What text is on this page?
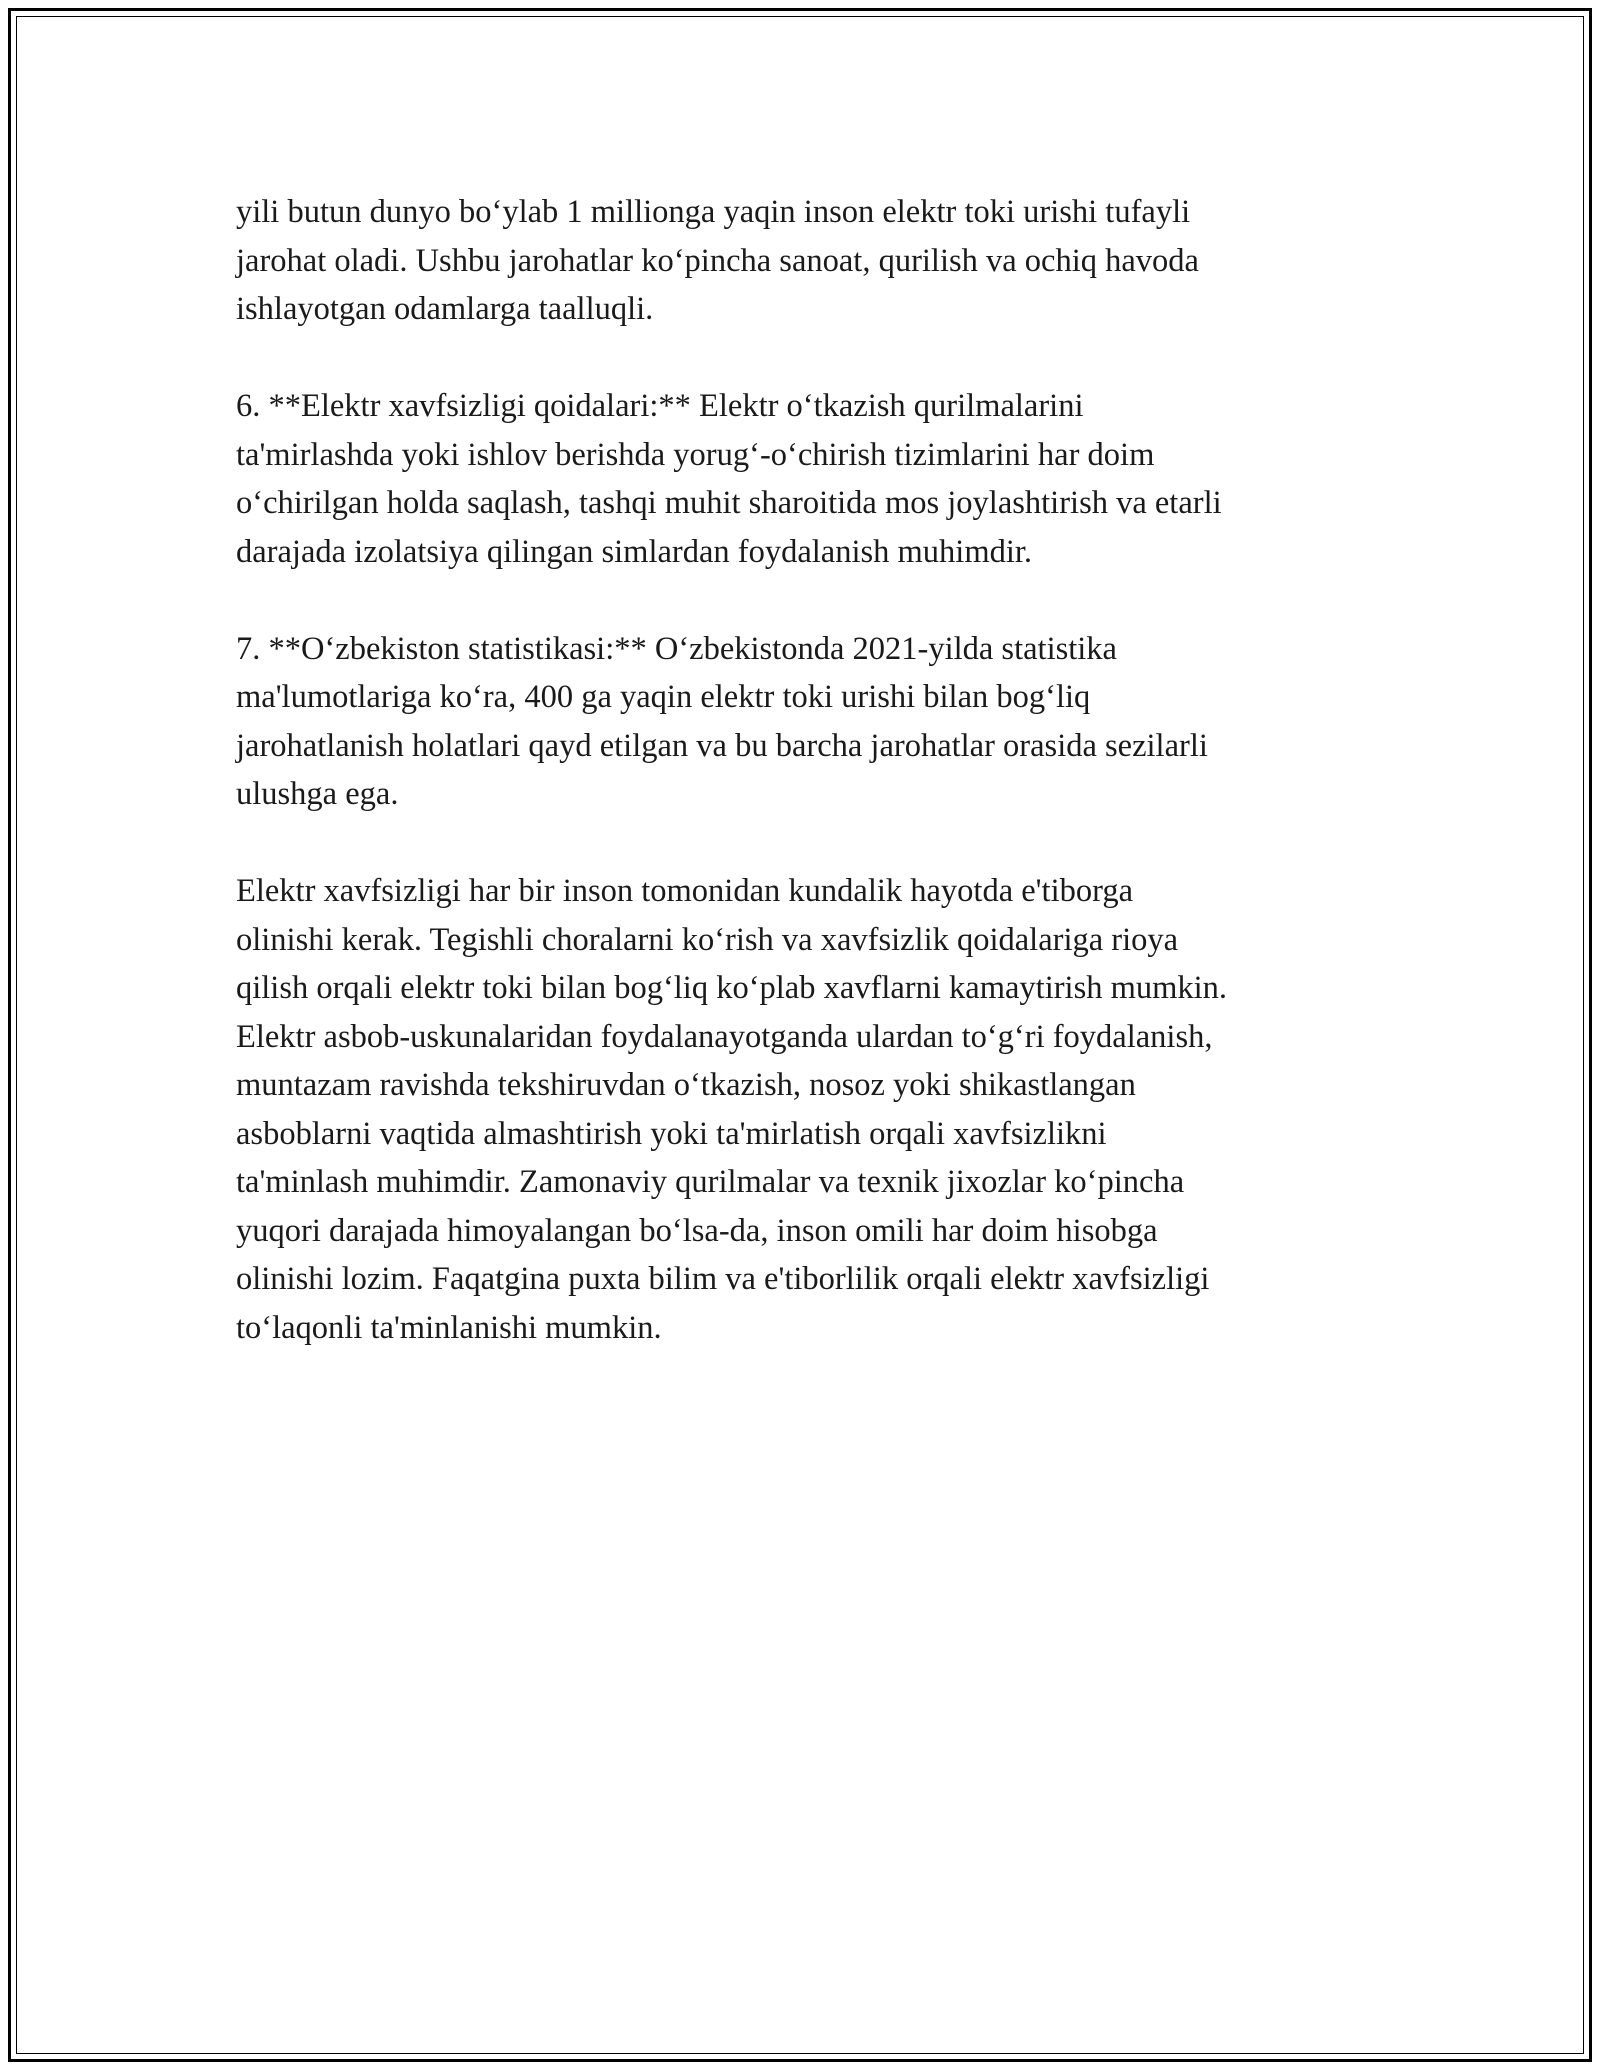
yili butun dunyo bo‘ylab 1 millionga yaqin inson elektr toki urishi tufayli
jarohat oladi. Ushbu jarohatlar ko‘pincha sanoat, qurilish va ochiq havoda
ishlayotgan odamlarga taalluqli.

6. **Elektr xavfsizligi qoidalari:** Elektr o‘tkazish qurilmalarini
ta'mirlashda yoki ishlov berishda yorug‘-o‘chirish tizimlarini har doim
o‘chirilgan holda saqlash, tashqi muhit sharoitida mos joylashtirish va etarli
darajada izolatsiya qilingan simlardan foydalanish muhimdir.

7. **O‘zbekiston statistikasi:** O‘zbekistonda 2021-yilda statistika
ma'lumotlariga ko‘ra, 400 ga yaqin elektr toki urishi bilan bog‘liq
jarohatlanish holatlari qayd etilgan va bu barcha jarohatlar orasida sezilarli
ulushga ega.

Elektr xavfsizligi har bir inson tomonidan kundalik hayotda e'tiborga
olinishi kerak. Tegishli choralarni ko‘rish va xavfsizlik qoidalariga rioya
qilish orqali elektr toki bilan bog‘liq ko‘plab xavflarni kamaytirish mumkin.
Elektr asbob-uskunalaridan foydalanayotganda ulardan to‘g‘ri foydalanish,
muntazam ravishda tekshiruvdan o‘tkazish, nosoz yoki shikastlangan
asboblarni vaqtida almashtirish yoki ta'mirlatish orqali xavfsizlikni
ta'minlash muhimdir. Zamonaviy qurilmalar va texnik jixozlar ko‘pincha
yuqori darajada himoyalangan bo‘lsa-da, inson omili har doim hisobga
olinishi lozim. Faqatgina puxta bilim va e'tiborlilik orqali elektr xavfsizligi
to‘laqonli ta'minlanishi mumkin.
